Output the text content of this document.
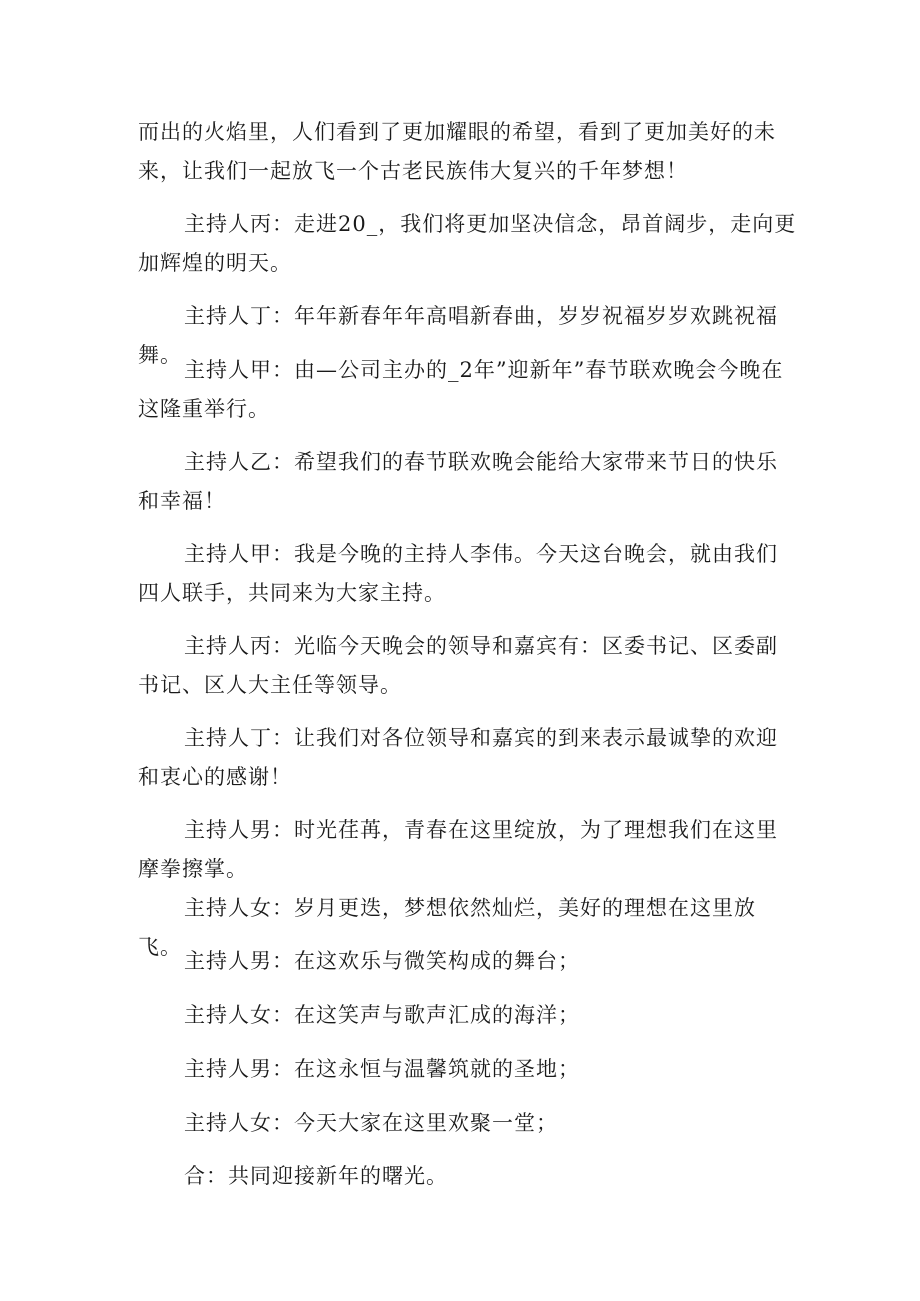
而出的火焰里，人们看到了更加耀眼的希望，看到了更加美好的未来，让我们一起放飞一个古老民族伟大复兴的千年梦想！

主持人丙：走进20_，我们将更加坚决信念，昂首阔步，走向更加辉煌的明天。

主持人丁：年年新春年年高唱新春曲，岁岁祝福岁岁欢跳祝福舞。

主持人甲：由—公司主办的_2年”迎新年”春节联欢晚会今晚在这隆重举行。

主持人乙：希望我们的春节联欢晚会能给大家带来节日的快乐和幸福！

主持人甲：我是今晚的主持人李伟。今天这台晚会，就由我们四人联手，共同来为大家主持。

主持人丙：光临今天晚会的领导和嘉宾有：区委书记、区委副书记、区人大主任等领导。

主持人丁：让我们对各位领导和嘉宾的到来表示最诚挚的欢迎和衷心的感谢！

主持人男：时光荏苒，青春在这里绽放，为了理想我们在这里摩拳擦掌。

主持人女：岁月更迭，梦想依然灿烂，美好的理想在这里放飞。

主持人男：在这欢乐与微笑构成的舞台；

主持人女：在这笑声与歌声汇成的海洋；

主持人男：在这永恒与温馨筑就的圣地；

主持人女：今天大家在这里欢聚一堂；

合：共同迎接新年的曙光。
